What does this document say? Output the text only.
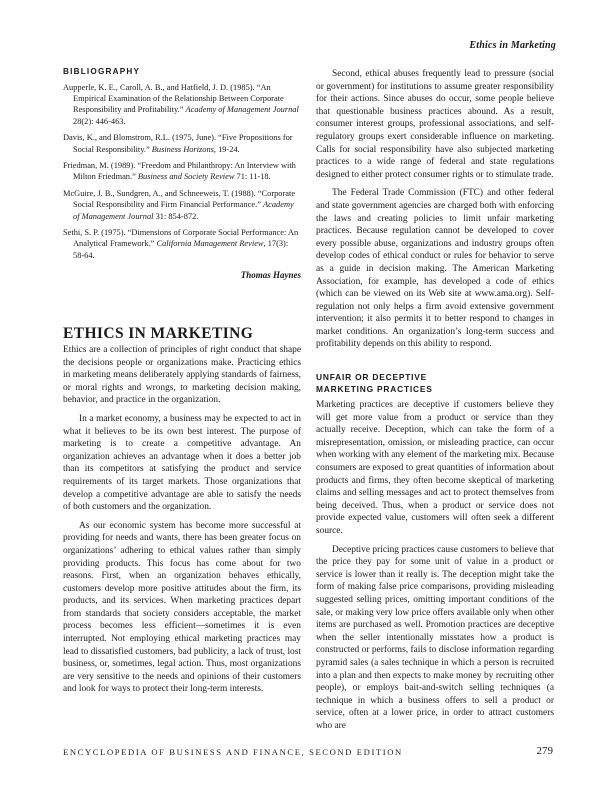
Ethics in Marketing
BIBLIOGRAPHY
Aupperle, K. E., Caroll, A. B., and Hatfield, J. D. (1985). “An Empirical Examination of the Relationship Between Corporate Responsibility and Profitability.” Academy of Management Journal 28(2): 446-463.
Davis, K., and Blomstrom, R.L. (1975, June). “Five Propositions for Social Responsibility.” Business Horizons, 19-24.
Friedman, M. (1989). “Freedom and Philanthropy: An Interview with Milton Friedman.” Business and Society Review 71: 11-18.
McGuire, J. B., Sundgren, A., and Schneeweis, T. (1988). “Corporate Social Responsibility and Firm Financial Performance.” Academy of Management Journal 31: 854-872.
Sethi, S. P. (1975). “Dimensions of Corporate Social Performance: An Analytical Framework.” California Management Review, 17(3): 58-64.
Thomas Haynes
ETHICS IN MARKETING

Ethics are a collection of principles of right conduct that shape the decisions people or organizations make. Practicing ethics in marketing means deliberately applying standards of fairness, or moral rights and wrongs, to marketing decision making, behavior, and practice in the organization.

In a market economy, a business may be expected to act in what it believes to be its own best interest. The purpose of marketing is to create a competitive advantage. An organization achieves an advantage when it does a better job than its competitors at satisfying the product and service requirements of its target markets. Those organizations that develop a competitive advantage are able to satisfy the needs of both customers and the organization.

As our economic system has become more successful at providing for needs and wants, there has been greater focus on organizations’ adhering to ethical values rather than simply providing products. This focus has come about for two reasons. First, when an organization behaves ethically, customers develop more positive attitudes about the firm, its products, and its services. When marketing practices depart from standards that society considers acceptable, the market process becomes less efficient—sometimes it is even interrupted. Not employing ethical marketing practices may lead to dissatisfied customers, bad publicity, a lack of trust, lost business, or, sometimes, legal action. Thus, most organizations are very sensitive to the needs and opinions of their customers and look for ways to protect their long-term interests.

Second, ethical abuses frequently lead to pressure (social or government) for institutions to assume greater responsibility for their actions. Since abuses do occur, some people believe that questionable business practices abound. As a result, consumer interest groups, professional associations, and self-regulatory groups exert considerable influence on marketing. Calls for social responsibility have also subjected marketing practices to a wide range of federal and state regulations designed to either protect consumer rights or to stimulate trade.

The Federal Trade Commission (FTC) and other federal and state government agencies are charged both with enforcing the laws and creating policies to limit unfair marketing practices. Because regulation cannot be developed to cover every possible abuse, organizations and industry groups often develop codes of ethical conduct or rules for behavior to serve as a guide in decision making. The American Marketing Association, for example, has developed a code of ethics (which can be viewed on its Web site at www.ama.org). Self-regulation not only helps a firm avoid extensive government intervention; it also permits it to better respond to changes in market conditions. An organization’s long-term success and profitability depends on this ability to respond.

UNFAIR OR DECEPTIVE
MARKETING PRACTICES

Marketing practices are deceptive if customers believe they will get more value from a product or service than they actually receive. Deception, which can take the form of a misrepresentation, omission, or misleading practice, can occur when working with any element of the marketing mix. Because consumers are exposed to great quantities of information about products and firms, they often become skeptical of marketing claims and selling messages and act to protect themselves from being deceived. Thus, when a product or service does not provide expected value, customers will often seek a different source.

Deceptive pricing practices cause customers to believe that the price they pay for some unit of value in a product or service is lower than it really is. The deception might take the form of making false price comparisons, providing misleading suggested selling prices, omitting important conditions of the sale, or making very low price offers available only when other items are purchased as well. Promotion practices are deceptive when the seller intentionally misstates how a product is constructed or performs, fails to disclose information regarding pyramid sales (a sales technique in which a person is recruited into a plan and then expects to make money by recruiting other people), or employs bait-and-switch selling techniques (a technique in which a business offers to sell a product or service, often at a lower price, in order to attract customers who are

ENCYCLOPEDIA OF BUSINESS AND FINANCE, SECOND EDITION	279
